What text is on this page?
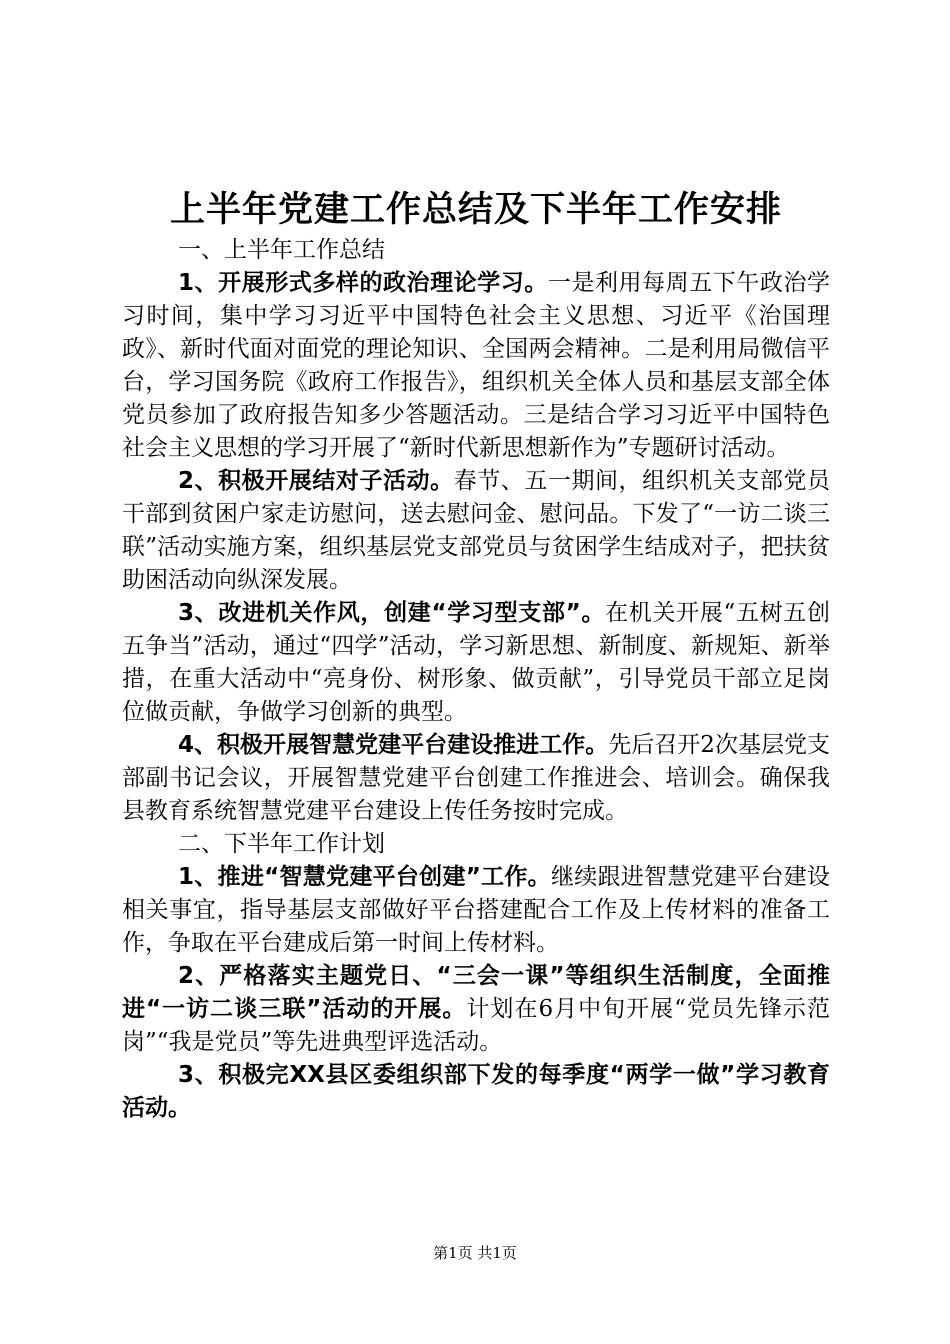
上半年党建工作总结及下半年工作安排

一、上半年工作总结

1、开展形式多样的政治理论学习。一是利用每周五下午政治学习时间，集中学习习近平中国特色社会主义思想、习近平《治国理政》、新时代面对面党的理论知识、全国两会精神。二是利用局微信平台，学习国务院《政府工作报告》，组织机关全体人员和基层支部全体党员参加了政府报告知多少答题活动。三是结合学习习近平中国特色社会主义思想的学习开展了“新时代新思想新作为”专题研讨活动。

2、积极开展结对子活动。春节、五一期间，组织机关支部党员干部到贫困户家走访慰问，送去慰问金、慰问品。下发了“一访二谈三联”活动实施方案，组织基层党支部党员与贫困学生结成对子，把扶贫助困活动向纵深发展。

3、改进机关作风，创建“学习型支部”。在机关开展“五树五创五争当”活动，通过“四学”活动，学习新思想、新制度、新规矩、新举措，在重大活动中“亮身份、树形象、做贡献”，引导党员干部立足岗位做贡献，争做学习创新的典型。

4、积极开展智慧党建平台建设推进工作。先后召开2次基层党支部副书记会议，开展智慧党建平台创建工作推进会、培训会。确保我县教育系统智慧党建平台建设上传任务按时完成。

二、下半年工作计划

1、推进“智慧党建平台创建”工作。继续跟进智慧党建平台建设相关事宜，指导基层支部做好平台搭建配合工作及上传材料的准备工作，争取在平台建成后第一时间上传材料。

2、严格落实主题党日、“三会一课”等组织生活制度，全面推进“一访二谈三联”活动的开展。计划在6月中旬开展“党员先锋示范岗”“我是党员”等先进典型评选活动。

3、积极完XX县区委组织部下发的每季度“两学一做”学习教育活动。

第1页 共1页
